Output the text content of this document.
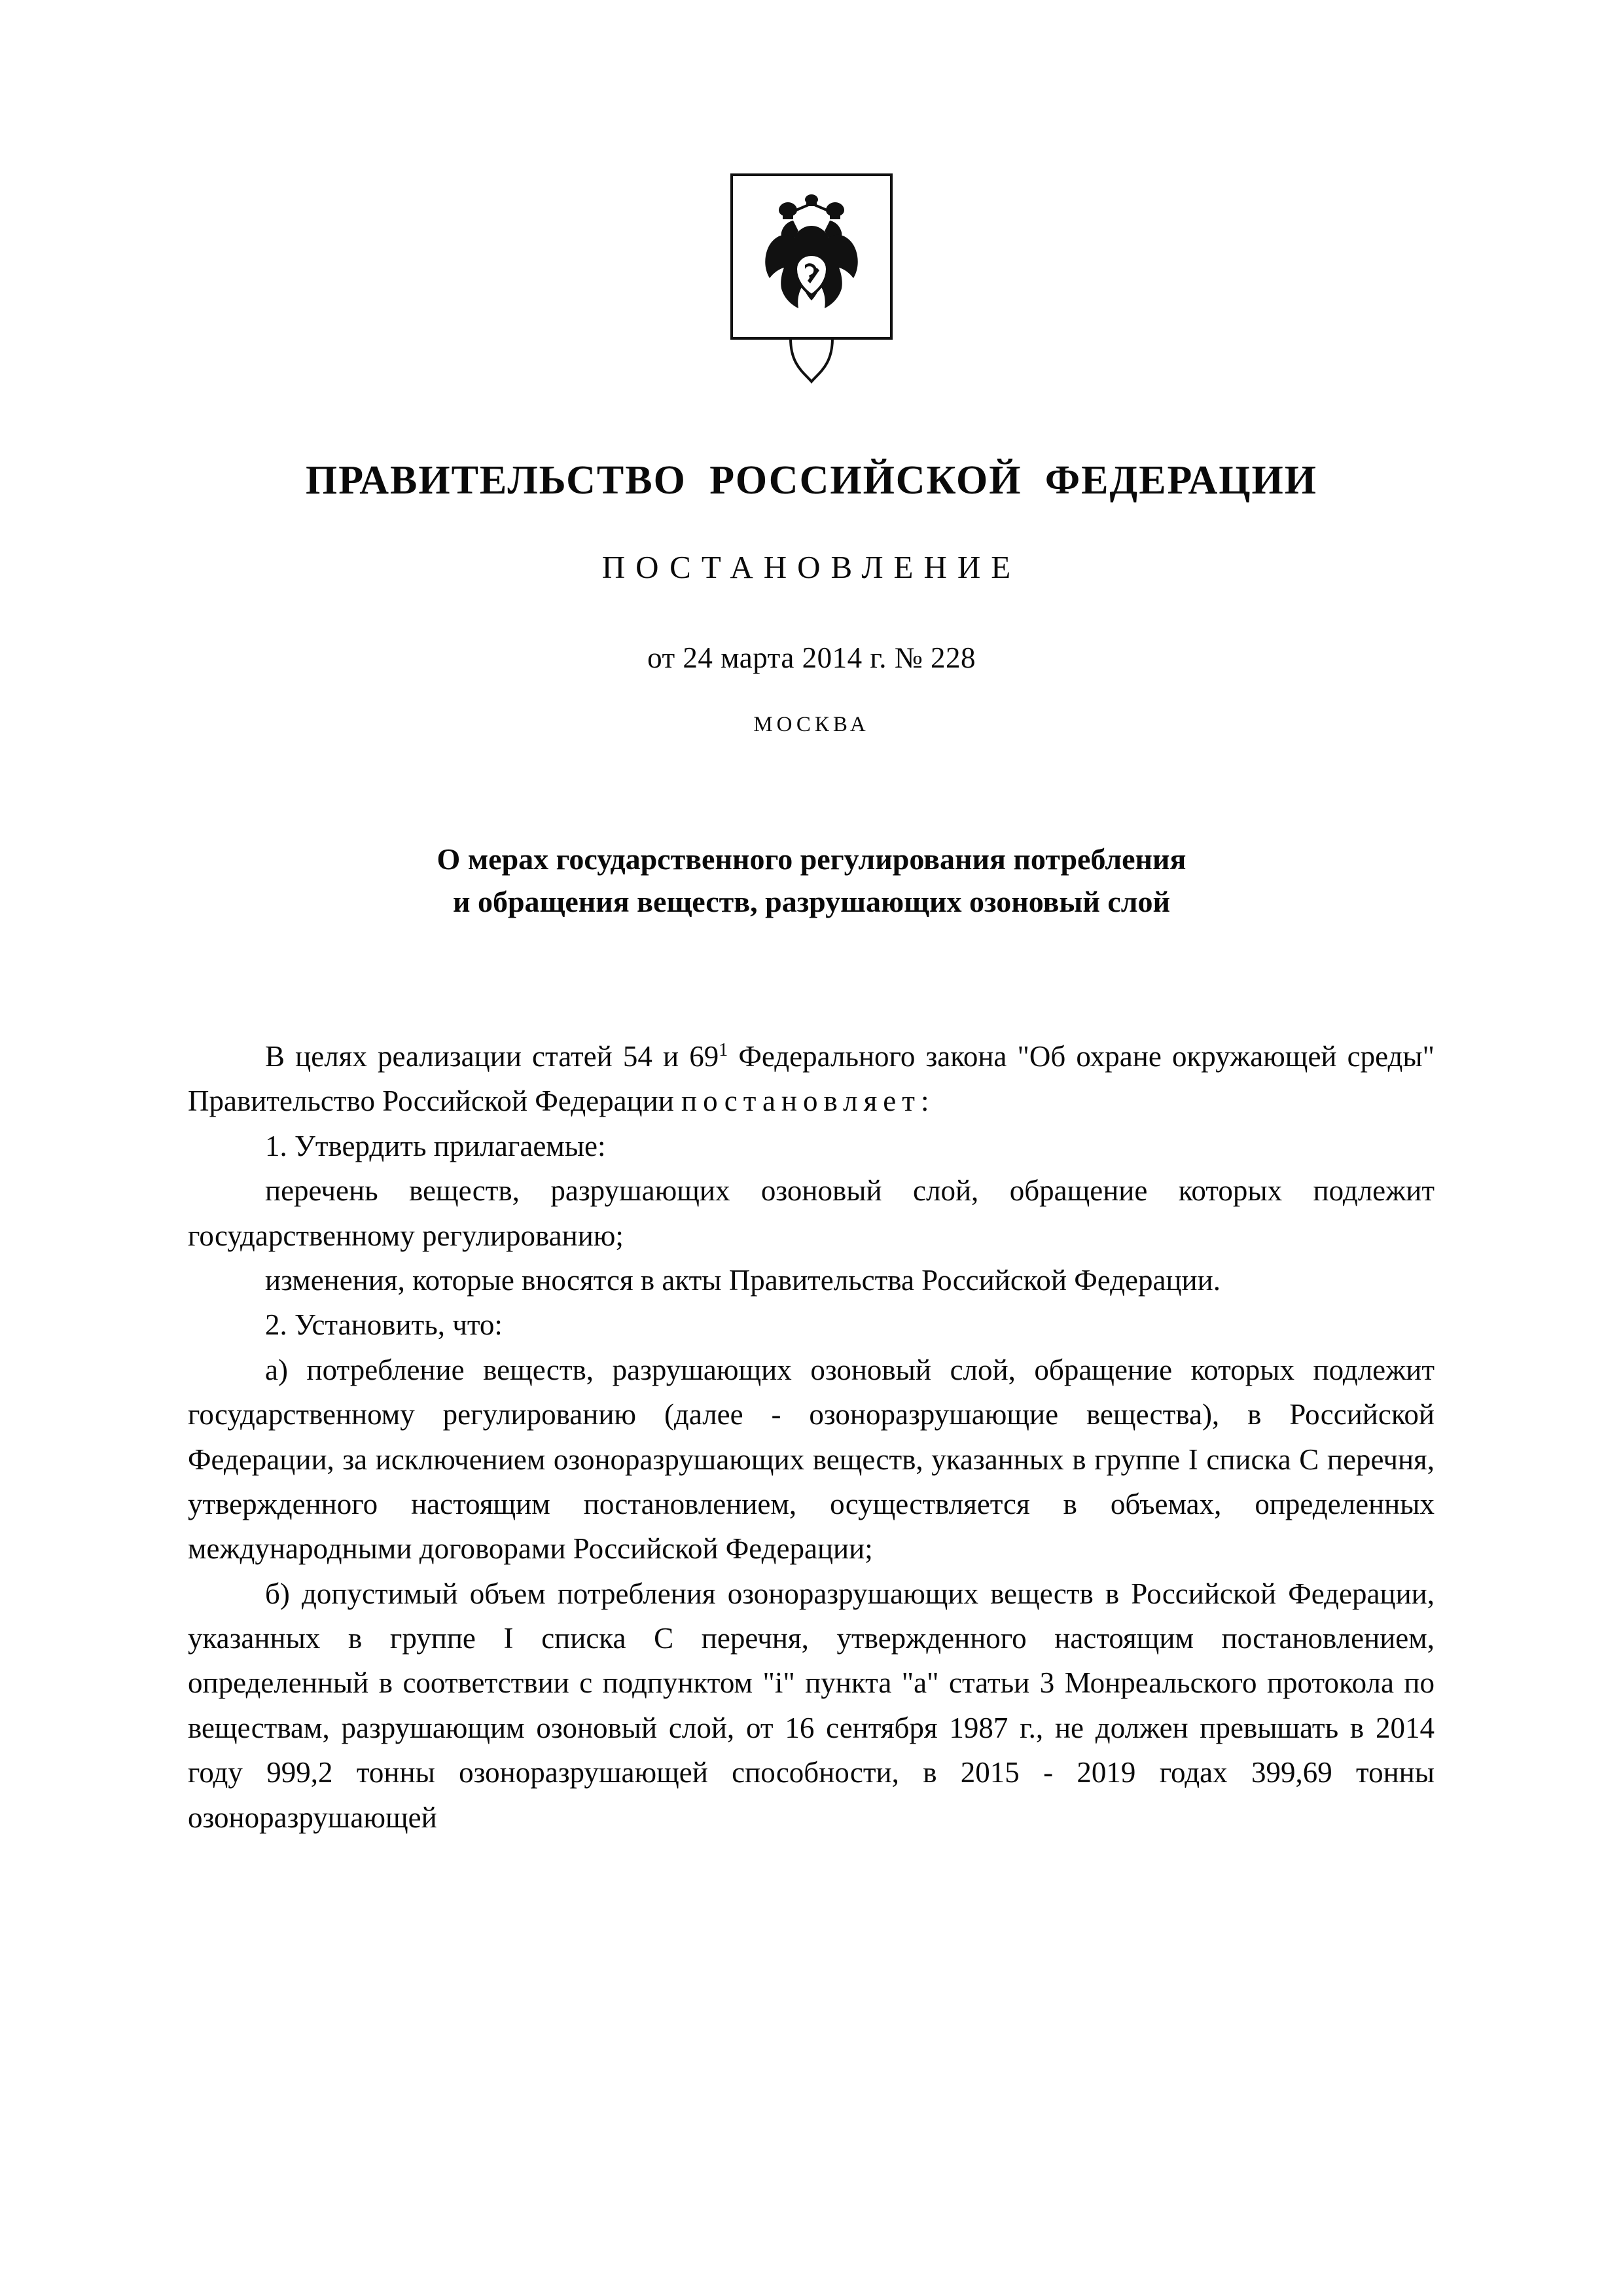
ПРАВИТЕЛЬСТВО РОССИЙСКОЙ ФЕДЕРАЦИИ
ПОСТАНОВЛЕНИЕ
от 24 марта 2014 г. № 228
МОСКВА
О мерах государственного регулирования потребления
и обращения веществ, разрушающих озоновый слой

В целях реализации статей 54 и 69$^1$ Федерального закона "Об охране окружающей среды" Правительство Российской Федерации постановляет:

1. Утвердить прилагаемые:

перечень веществ, разрушающих озоновый слой, обращение которых подлежит государственному регулированию;

изменения, которые вносятся в акты Правительства Российской Федерации.

2. Установить, что:

а) потребление веществ, разрушающих озоновый слой, обращение которых подлежит государственному регулированию (далее - озоноразрушающие вещества), в Российской Федерации, за исключением озоноразрушающих веществ, указанных в группе I списка С перечня, утвержденного настоящим постановлением, осуществляется в объемах, определенных международными договорами Российской Федерации;

б) допустимый объем потребления озоноразрушающих веществ в Российской Федерации, указанных в группе I списка С перечня, утвержденного настоящим постановлением, определенный в соответствии с подпунктом "i" пункта "а" статьи 3 Монреальского протокола по веществам, разрушающим озоновый слой, от 16 сентября 1987 г., не должен превышать в 2014 году 999,2 тонны озоноразрушающей способности, в 2015 - 2019 годах 399,69 тонны озоноразрушающей
